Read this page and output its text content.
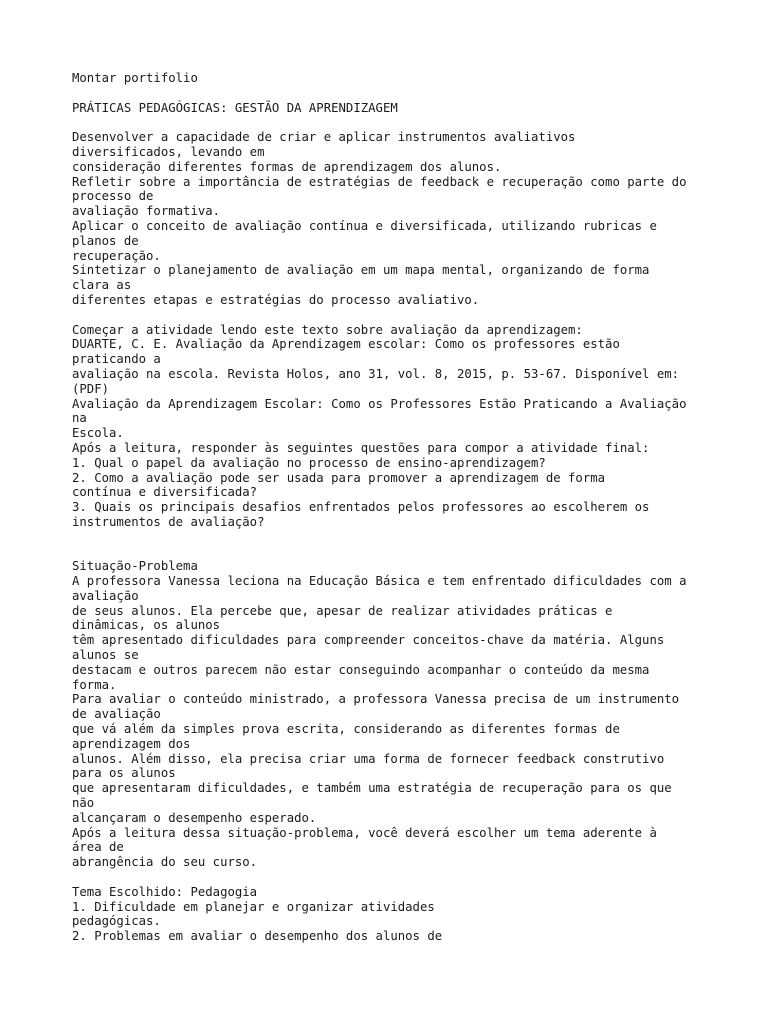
Montar portifolio
PRÁTICAS PEDAGÓGICAS: GESTÃO DA APRENDIZAGEM
Desenvolver a capacidade de criar e aplicar instrumentos avaliativos
diversificados, levando em
consideração diferentes formas de aprendizagem dos alunos.
Refletir sobre a importância de estratégias de feedback e recuperação como parte do
processo de
avaliação formativa.
Aplicar o conceito de avaliação contínua e diversificada, utilizando rubricas e
planos de
recuperação.
Sintetizar o planejamento de avaliação em um mapa mental, organizando de forma
clara as
diferentes etapas e estratégias do processo avaliativo.
Começar a atividade lendo este texto sobre avaliação da aprendizagem:
DUARTE, C. E. Avaliação da Aprendizagem escolar: Como os professores estão
praticando a
avaliação na escola. Revista Holos, ano 31, vol. 8, 2015, p. 53-67. Disponível em:
(PDF)
Avaliação da Aprendizagem Escolar: Como os Professores Estão Praticando a Avaliação
na
Escola.
Após a leitura, responder às seguintes questões para compor a atividade final:
1. Qual o papel da avaliação no processo de ensino-aprendizagem?
2. Como a avaliação pode ser usada para promover a aprendizagem de forma
contínua e diversificada?
3. Quais os principais desafios enfrentados pelos professores ao escolherem os
instrumentos de avaliação?
Situação-Problema
A professora Vanessa leciona na Educação Básica e tem enfrentado dificuldades com a
avaliação
de seus alunos. Ela percebe que, apesar de realizar atividades práticas e
dinâmicas, os alunos
têm apresentado dificuldades para compreender conceitos-chave da matéria. Alguns
alunos se
destacam e outros parecem não estar conseguindo acompanhar o conteúdo da mesma
forma.
Para avaliar o conteúdo ministrado, a professora Vanessa precisa de um instrumento
de avaliação
que vá além da simples prova escrita, considerando as diferentes formas de
aprendizagem dos
alunos. Além disso, ela precisa criar uma forma de fornecer feedback construtivo
para os alunos
que apresentaram dificuldades, e também uma estratégia de recuperação para os que
não
alcançaram o desempenho esperado.
Após a leitura dessa situação-problema, você deverá escolher um tema aderente à
área de
abrangência do seu curso.
Tema Escolhido: Pedagogia
1. Dificuldade em planejar e organizar atividades
pedagógicas.
2. Problemas em avaliar o desempenho dos alunos de
